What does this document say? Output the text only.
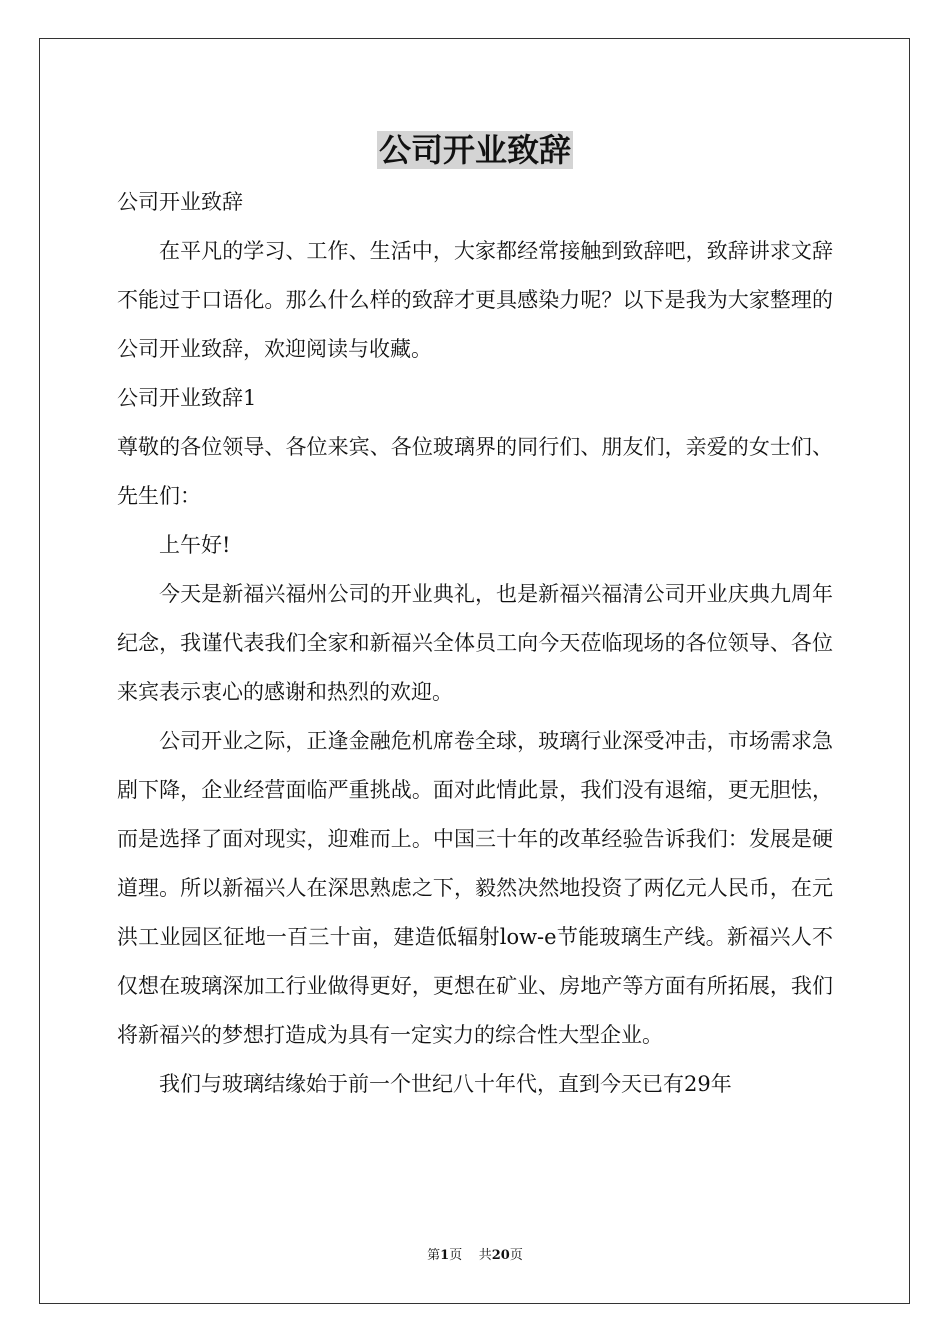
公司开业致辞

公司开业致辞

在平凡的学习、工作、生活中，大家都经常接触到致辞吧，致辞讲求文辞不能过于口语化。那么什么样的致辞才更具感染力呢？以下是我为大家整理的公司开业致辞，欢迎阅读与收藏。

公司开业致辞1

尊敬的各位领导、各位来宾、各位玻璃界的同行们、朋友们，亲爱的女士们、先生们：

上午好!

今天是新福兴福州公司的开业典礼，也是新福兴福清公司开业庆典九周年纪念，我谨代表我们全家和新福兴全体员工向今天莅临现场的各位领导、各位来宾表示衷心的感谢和热烈的欢迎。

公司开业之际，正逢金融危机席卷全球，玻璃行业深受冲击，市场需求急剧下降，企业经营面临严重挑战。面对此情此景，我们没有退缩，更无胆怯，而是选择了面对现实，迎难而上。中国三十年的改革经验告诉我们：发展是硬道理。所以新福兴人在深思熟虑之下，毅然决然地投资了两亿元人民币，在元洪工业园区征地一百三十亩，建造低辐射low-e节能玻璃生产线。新福兴人不仅想在玻璃深加工行业做得更好，更想在矿业、房地产等方面有所拓展，我们将新福兴的梦想打造成为具有一定实力的综合性大型企业。

我们与玻璃结缘始于前一个世纪八十年代，直到今天已有29年

第1页    共20页
